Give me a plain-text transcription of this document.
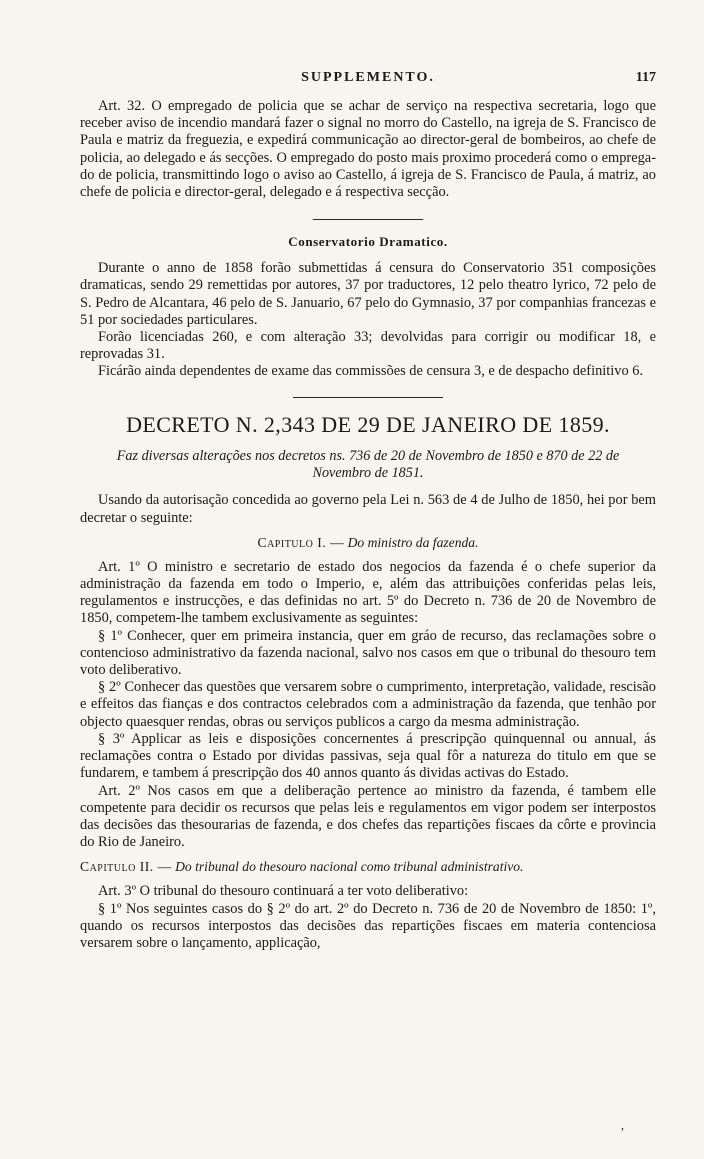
SUPPLEMENTO.	117

Art. 32. O empregado de policia que se achar de serviço na respectiva secretaria, logo que receber aviso de incendio mandará fazer o signal no morro do Castello, na igreja de S. Francisco de Paula e matriz da freguezia, e expedirá communicação ao director-geral de bombeiros, ao chefe de policia, ao delegado e ás secções. O empregado do posto mais proximo procederá como o emprega-do de policia, transmittindo logo o aviso ao Castello, á igreja de S. Francisco de Paula, á matriz, ao chefe de policia e director-geral, delegado e á respectiva secção.

Conservatorio Dramatico.

Durante o anno de 1858 forão submettidas á censura do Conservatorio 351 composições dramaticas, sendo 29 remettidas por autores, 37 por traductores, 12 pelo theatro lyrico, 72 pelo de S. Pedro de Alcantara, 46 pelo de S. Januario, 67 pelo do Gymnasio, 37 por companhias francezas e 51 por sociedades particulares.

Forão licenciadas 260, e com alteração 33; devolvidas para corrigir ou modificar 18, e reprovadas 31.

Ficárão ainda dependentes de exame das commissões de censura 3, e de despacho definitivo 6.

DECRETO N. 2,343 DE 29 DE JANEIRO DE 1859.
Faz diversas alterações nos decretos ns. 736 de 20 de Novembro de 1850 e 870 de 22 de Novembro de 1851.

Usando da autorisação concedida ao governo pela Lei n. 563 de 4 de Julho de 1850, hei por bem decretar o seguinte:

Capitulo I. — Do ministro da fazenda.

Art. 1º O ministro e secretario de estado dos negocios da fazenda é o chefe superior da administração da fazenda em todo o Imperio, e, além das attribuições conferidas pelas leis, regulamentos e instrucções, e das definidas no art. 5º do Decreto n. 736 de 20 de Novembro de 1850, competem-lhe tambem exclusivamente as seguintes:

§ 1º Conhecer, quer em primeira instancia, quer em gráo de recurso, das reclamações sobre o contencioso administrativo da fazenda nacional, salvo nos casos em que o tribunal do thesouro tem voto deliberativo.

§ 2º Conhecer das questões que versarem sobre o cumprimento, interpretação, validade, rescisão e effeitos das fianças e dos contractos celebrados com a administração da fazenda, que tenhão por objecto quaesquer rendas, obras ou serviços publicos a cargo da mesma administração.

§ 3º Applicar as leis e disposições concernentes á prescripção quinquennal ou annual, ás reclamações contra o Estado por dividas passivas, seja qual fôr a natureza do titulo em que se fundarem, e tambem á prescripção dos 40 annos quanto ás dividas activas do Estado.

Art. 2º Nos casos em que a deliberação pertence ao ministro da fazenda, é tambem elle competente para decidir os recursos que pelas leis e regulamentos em vigor podem ser interpostos das decisões das thesourarias de fazenda, e dos chefes das repartições fiscaes da côrte e provincia do Rio de Janeiro.

Capitulo II. — Do tribunal do thesouro nacional como tribunal administrativo.

Art. 3º O tribunal do thesouro continuará a ter voto deliberativo:

§ 1º Nos seguintes casos do § 2º do art. 2º do Decreto n. 736 de 20 de Novembro de 1850: 1º, quando os recursos interpostos das decisões das repartições fiscaes em materia contenciosa versarem sobre o lançamento, applicação,

,
